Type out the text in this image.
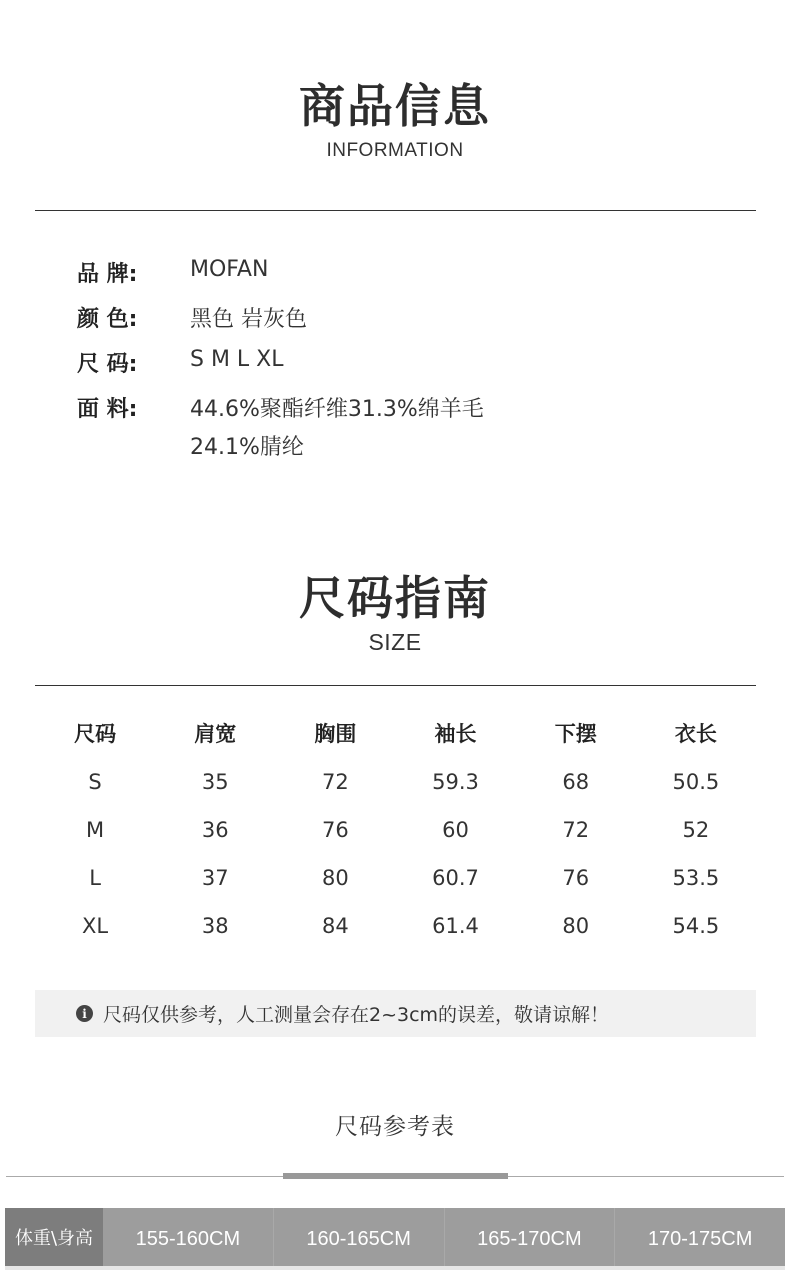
商品信息
INFORMATION
品 牌: MOFAN
颜 色: 黑色 岩灰色
尺 码: S M L XL
面 料: 44.6%聚酯纤维31.3%绵羊毛
24.1%腈纶
尺码指南
SIZE
尺码	肩宽	胸围	袖长	下摆	衣长
S	35	72	59.3	68	50.5
M	36	76	60	72	52
L	37	80	60.7	76	53.5
XL	38	84	61.4	80	54.5
i 尺码仅供参考，人工测量会存在2~3cm的误差，敬请谅解！
尺码参考表
体重\身高	155-160CM	160-165CM	165-170CM	170-175CM
